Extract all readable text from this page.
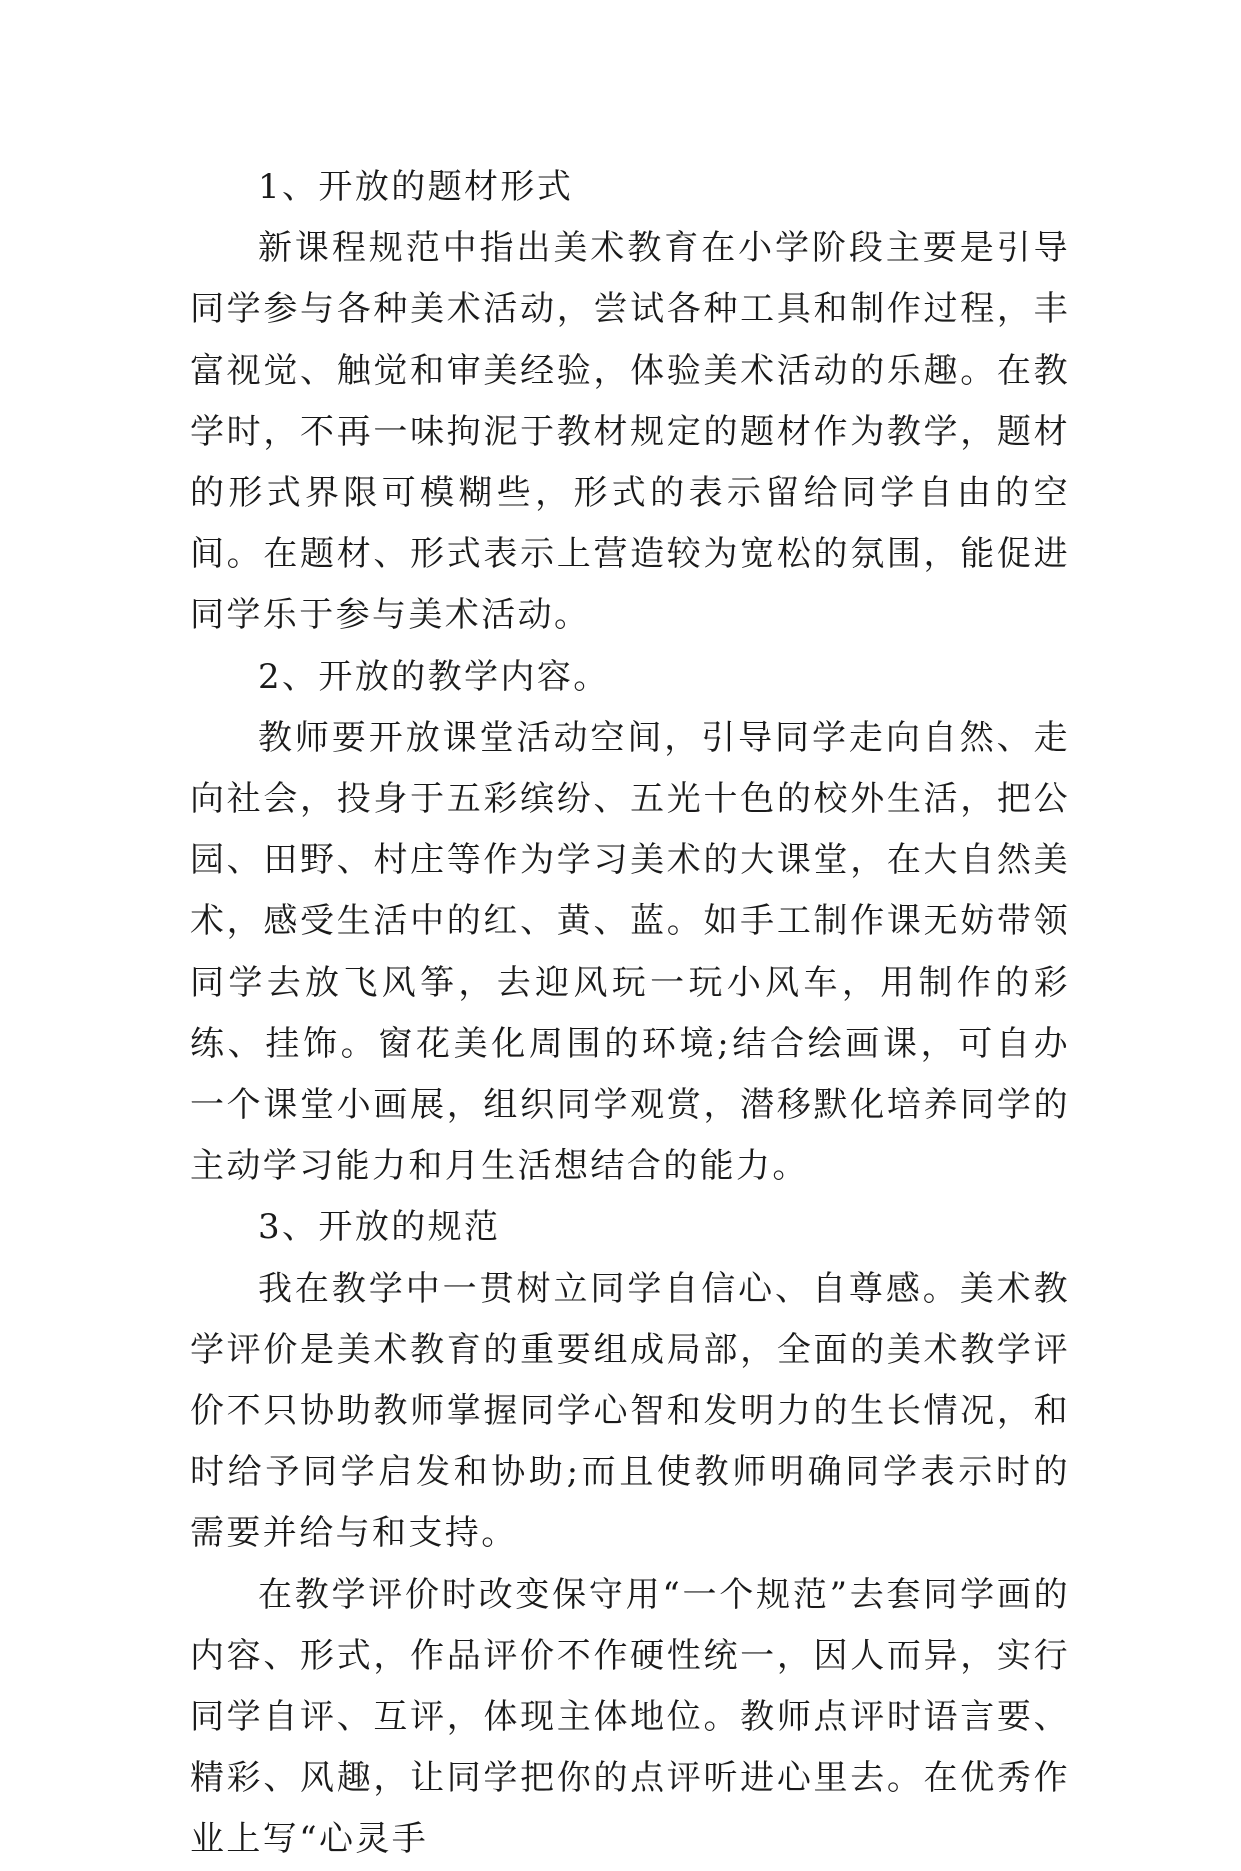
1、开放的题材形式

新课程规范中指出美术教育在小学阶段主要是引导同学参与各种美术活动，尝试各种工具和制作过程，丰富视觉、触觉和审美经验，体验美术活动的乐趣。在教学时，不再一味拘泥于教材规定的题材作为教学，题材的形式界限可模糊些，形式的表示留给同学自由的空间。在题材、形式表示上营造较为宽松的氛围，能促进同学乐于参与美术活动。

2、开放的教学内容。

教师要开放课堂活动空间，引导同学走向自然、走向社会，投身于五彩缤纷、五光十色的校外生活，把公园、田野、村庄等作为学习美术的大课堂，在大自然美术，感受生活中的红、黄、蓝。如手工制作课无妨带领同学去放飞风筝，去迎风玩一玩小风车，用制作的彩练、挂饰。窗花美化周围的环境;结合绘画课，可自办一个课堂小画展，组织同学观赏，潜移默化培养同学的主动学习能力和月生活想结合的能力。

3、开放的规范

我在教学中一贯树立同学自信心、自尊感。美术教学评价是美术教育的重要组成局部，全面的美术教学评价不只协助教师掌握同学心智和发明力的生长情况，和时给予同学启发和协助;而且使教师明确同学表示时的需要并给与和支持。

在教学评价时改变保守用“一个规范”去套同学画的内容、形式，作品评价不作硬性统一，因人而异，实行同学自评、互评，体现主体地位。教师点评时语言要、精彩、风趣，让同学把你的点评听进心里去。在优秀作业上写“心灵手
